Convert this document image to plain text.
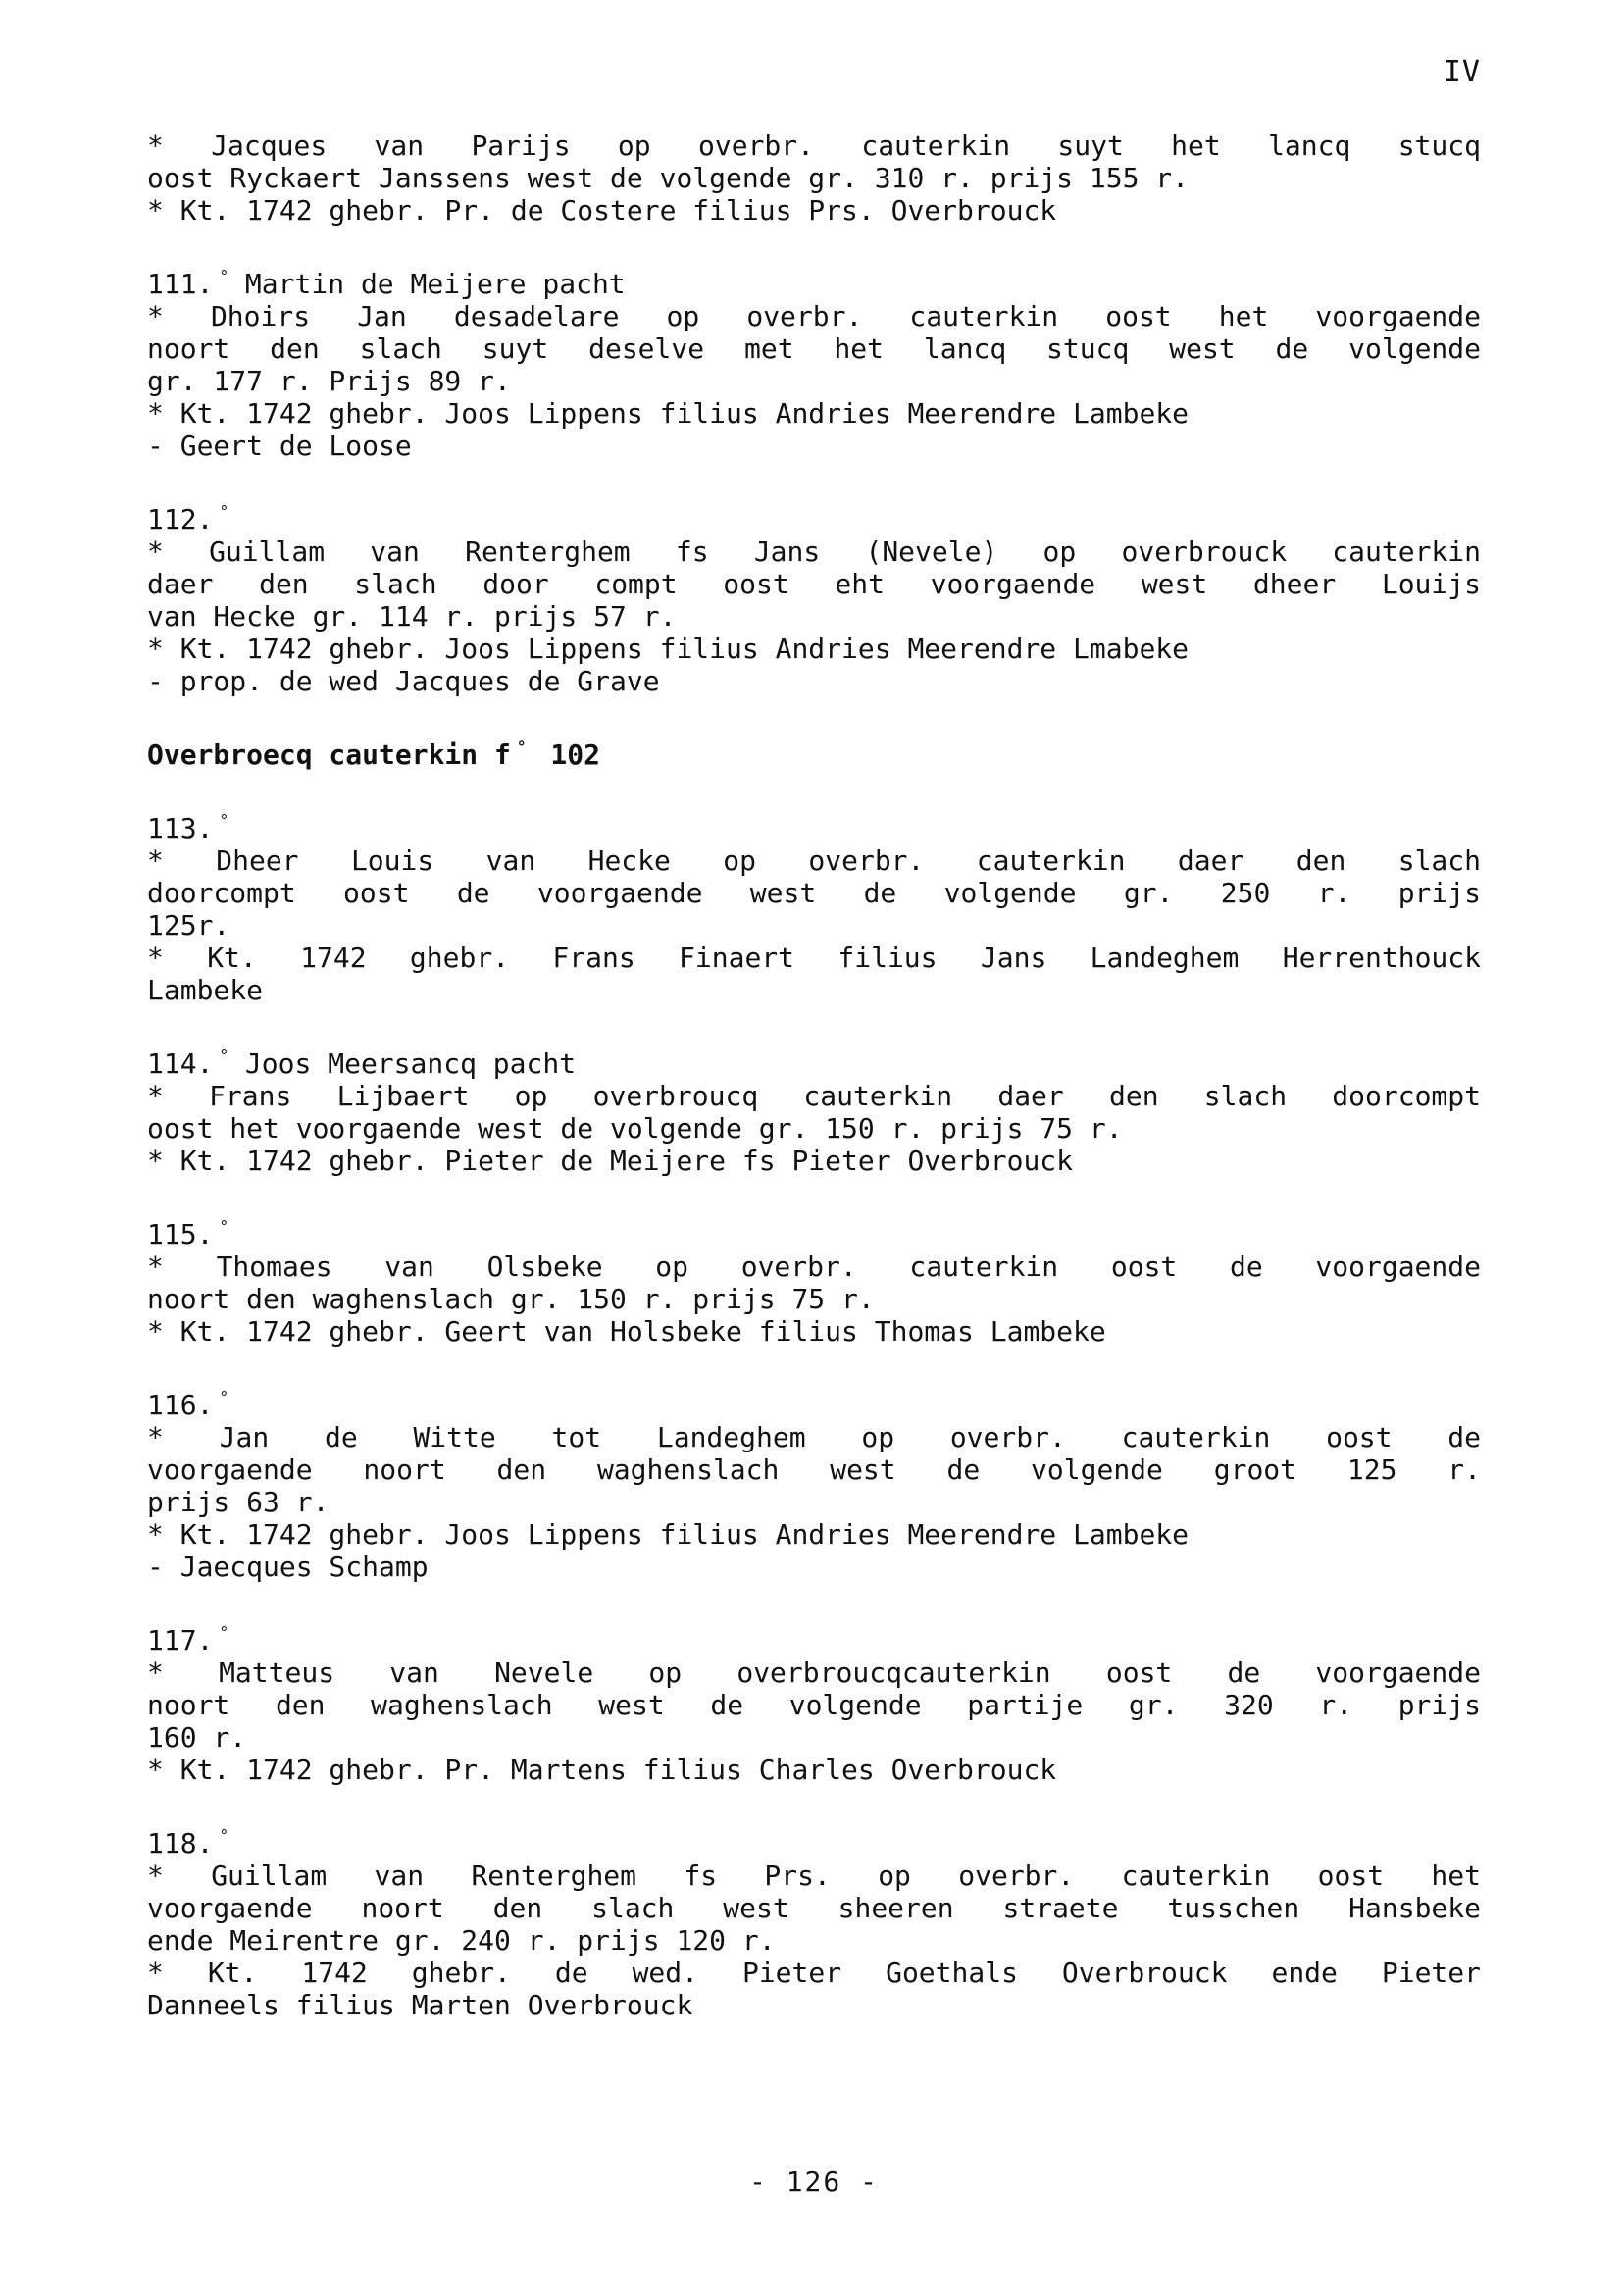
IV

* Jacques van Parijs op overbr. cauterkin suyt het lancq stucq

oost Ryckaert Janssens west de volgende gr. 310 r. prijs 155 r.

* Kt. 1742 ghebr. Pr. de Costere filius Prs. Overbrouck

111. ° Martin de Meijere pacht

* Dhoirs Jan desadelare op overbr. cauterkin oost het voorgaende

noort den slach suyt deselve met het lancq stucq west de volgende

gr. 177 r. Prijs 89 r.

* Kt. 1742 ghebr. Joos Lippens filius Andries Meerendre Lambeke

- Geert de Loose

112. °

* Guillam van Renterghem fs Jans (Nevele) op overbrouck cauterkin

daer den slach door compt oost eht voorgaende west dheer Louijs

van Hecke gr. 114 r. prijs 57 r.

* Kt. 1742 ghebr. Joos Lippens filius Andries Meerendre Lmabeke

- prop. de wed Jacques de Grave

Overbroecq cauterkin f ° 102

113. °

* Dheer Louis van Hecke op overbr. cauterkin daer den slach

doorcompt oost de voorgaende west de volgende gr. 250 r. prijs

125r.

* Kt. 1742 ghebr. Frans Finaert filius Jans Landeghem Herrenthouck

Lambeke

114. ° Joos Meersancq pacht

* Frans Lijbaert op overbroucq cauterkin daer den slach doorcompt

oost het voorgaende west de volgende gr. 150 r. prijs 75 r.

* Kt. 1742 ghebr. Pieter de Meijere fs Pieter Overbrouck

115. °

* Thomaes van Olsbeke op overbr. cauterkin oost de voorgaende

noort den waghenslach gr. 150 r. prijs 75 r.

* Kt. 1742 ghebr. Geert van Holsbeke filius Thomas Lambeke

116. °

* Jan de Witte tot Landeghem op overbr. cauterkin oost de

voorgaende noort den waghenslach west de volgende groot 125 r.

prijs 63 r.

* Kt. 1742 ghebr. Joos Lippens filius Andries Meerendre Lambeke

- Jaecques Schamp

117. °

* Matteus van Nevele op overbroucqcauterkin oost de voorgaende

noort den waghenslach west de volgende partije gr. 320 r. prijs

160 r.

* Kt. 1742 ghebr. Pr. Martens filius Charles Overbrouck

118. °

* Guillam van Renterghem fs Prs. op overbr. cauterkin oost het

voorgaende noort den slach west sheeren straete tusschen Hansbeke

ende Meirentre gr. 240 r. prijs 120 r.

* Kt. 1742 ghebr. de wed. Pieter Goethals Overbrouck ende Pieter

Danneels filius Marten Overbrouck

- 126 -
